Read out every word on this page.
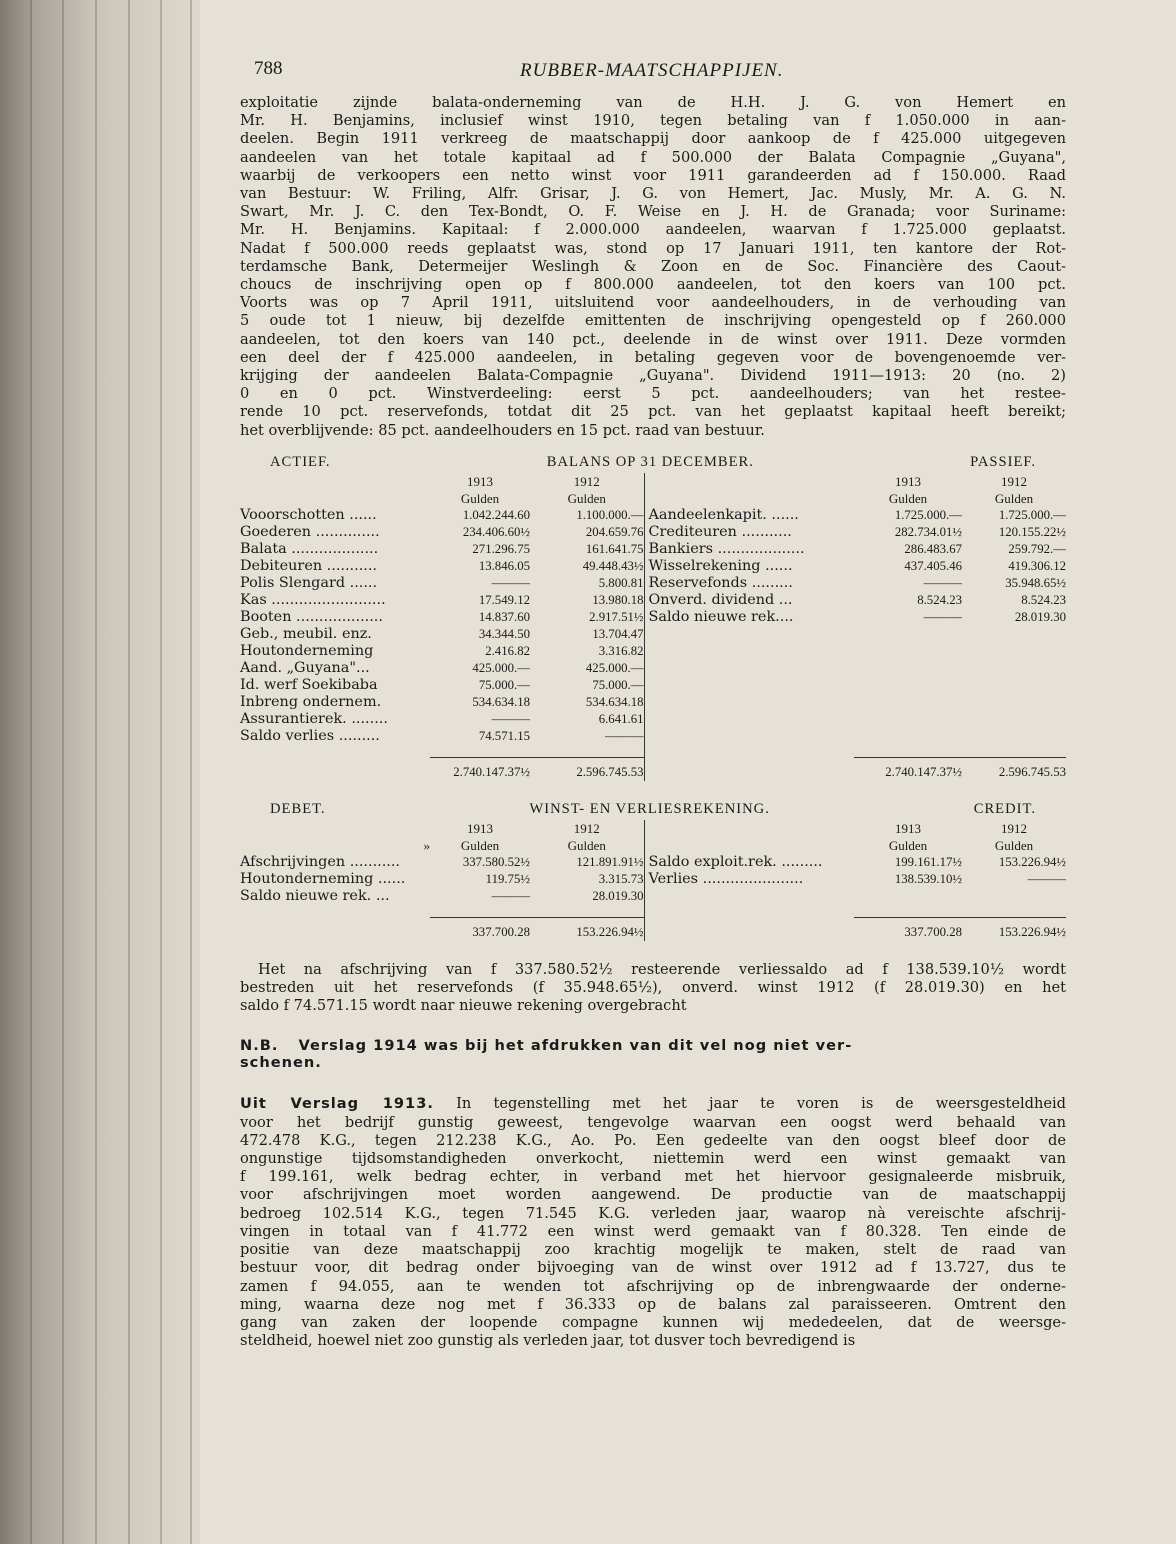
788	RUBBER-MAATSCHAPPIJEN.

exploitatie zijnde balata-onderneming van de H.H. J. G. von Hemert en

Mr. H. Benjamins, inclusief winst 1910, tegen betaling van f 1.050.000 in aan-

deelen. Begin 1911 verkreeg de maatschappij door aankoop de f 425.000 uitgegeven

aandeelen van het totale kapitaal ad f 500.000 der Balata Compagnie „Guyana",

waarbij de verkoopers een netto winst voor 1911 garandeerden ad f 150.000. Raad

van Bestuur: W. Friling, Alfr. Grisar, J. G. von Hemert, Jac. Musly, Mr. A. G. N.

Swart, Mr. J. C. den Tex-Bondt, O. F. Weise en J. H. de Granada; voor Suriname:

Mr. H. Benjamins. Kapitaal: f 2.000.000 aandeelen, waarvan f 1.725.000 geplaatst.

Nadat f 500.000 reeds geplaatst was, stond op 17 Januari 1911, ten kantore der Rot-

terdamsche Bank, Determeijer Weslingh & Zoon en de Soc. Financière des Caout-

choucs de inschrijving open op f 800.000 aandeelen, tot den koers van 100 pct.

Voorts was op 7 April 1911, uitsluitend voor aandeelhouders, in de verhouding van

5 oude tot 1 nieuw, bij dezelfde emittenten de inschrijving opengesteld op f 260.000

aandeelen, tot den koers van 140 pct., deelende in de winst over 1911. Deze vormden

een deel der f 425.000 aandeelen, in betaling gegeven voor de bovengenoemde ver-

krijging der aandeelen Balata-Compagnie „Guyana". Dividend 1911—1913: 20 (no. 2)

0 en 0 pct. Winstverdeeling: eerst 5 pct. aandeelhouders; van het restee-

rende 10 pct. reservefonds, totdat dit 25 pct. van het geplaatst kapitaal heeft bereikt;

het overblijvende: 85 pct. aandeelhouders en 15 pct. raad van bestuur.

ACTIEF.	BALANS OP 31 DECEMBER.	PASSIEF.
	1913	1912		1913	1912
	Gulden	Gulden		Gulden	Gulden
Vooorschotten ......	1.042.244.60	1.100.000.—	Aandeelenkapit. ......	1.725.000.—	1.725.000.—
Goederen ..............	234.406.60½	204.659.76	Crediteuren ...........	282.734.01½	120.155.22½
Balata ...................	271.296.75	161.641.75	Bankiers ...................	286.483.67	259.792.—
Debiteuren ...........	13.846.05	49.448.43½	Wisselrekening ......	437.405.46	419.306.12
Polis Slengard ......	———	5.800.81	Reservefonds .........	———	35.948.65½
Kas .........................	17.549.12	13.980.18	Onverd. dividend ...	8.524.23	8.524.23
Booten ...................	14.837.60	2.917.51½	Saldo nieuwe rek....	———	28.019.30
Geb., meubil. enz.	34.344.50	13.704.47			
Houtonderneming	2.416.82	3.316.82			
Aand. „Guyana"...	425.000.—	425.000.—			
Id. werf Soekibaba	75.000.—	75.000.—			
Inbreng ondernem.	534.634.18	534.634.18			
Assurantierek. ........	———	6.641.61			
Saldo verlies .........	74.571.15	———			

	2.740.147.37½	2.596.745.53		2.740.147.37½	2.596.745.53
DEBET.	WINST- EN VERLIESREKENING.	CREDIT.
	1913	1912		1913	1912
»	Gulden	Gulden		Gulden	Gulden
Afschrijvingen ...........	337.580.52½	121.891.91½	Saldo exploit.rek. .........	199.161.17½	153.226.94½
Houtonderneming ......	119.75½	3.315.73	Verlies ......................	138.539.10½	———
Saldo nieuwe rek. ...	———	28.019.30			

	337.700.28	153.226.94½		337.700.28	153.226.94½

Het na afschrijving van f 337.580.52½ resteerende verliessaldo ad f 138.539.10½ wordt

bestreden uit het reservefonds (f 35.948.65½), onverd. winst 1912 (f 28.019.30) en het

saldo f 74.571.15 wordt naar nieuwe rekening overgebracht

N.B. Verslag 1914 was bij het afdrukken van dit vel nog niet ver-
schenen.

Uit Verslag 1913. In tegenstelling met het jaar te voren is de weersgesteldheid

voor het bedrijf gunstig geweest, tengevolge waarvan een oogst werd behaald van

472.478 K.G., tegen 212.238 K.G., Ao. Po. Een gedeelte van den oogst bleef door de

ongunstige tijdsomstandigheden onverkocht, niettemin werd een winst gemaakt van

f 199.161, welk bedrag echter, in verband met het hiervoor gesignaleerde misbruik,

voor afschrijvingen moet worden aangewend. De productie van de maatschappij

bedroeg 102.514 K.G., tegen 71.545 K.G. verleden jaar, waarop nà vereischte afschrij-

vingen in totaal van f 41.772 een winst werd gemaakt van f 80.328. Ten einde de

positie van deze maatschappij zoo krachtig mogelijk te maken, stelt de raad van

bestuur voor, dit bedrag onder bijvoeging van de winst over 1912 ad f 13.727, dus te

zamen f 94.055, aan te wenden tot afschrijving op de inbrengwaarde der onderne-

ming, waarna deze nog met f 36.333 op de balans zal paraisseeren. Omtrent den

gang van zaken der loopende compagne kunnen wij mededeelen, dat de weersge-

steldheid, hoewel niet zoo gunstig als verleden jaar, tot dusver toch bevredigend is
